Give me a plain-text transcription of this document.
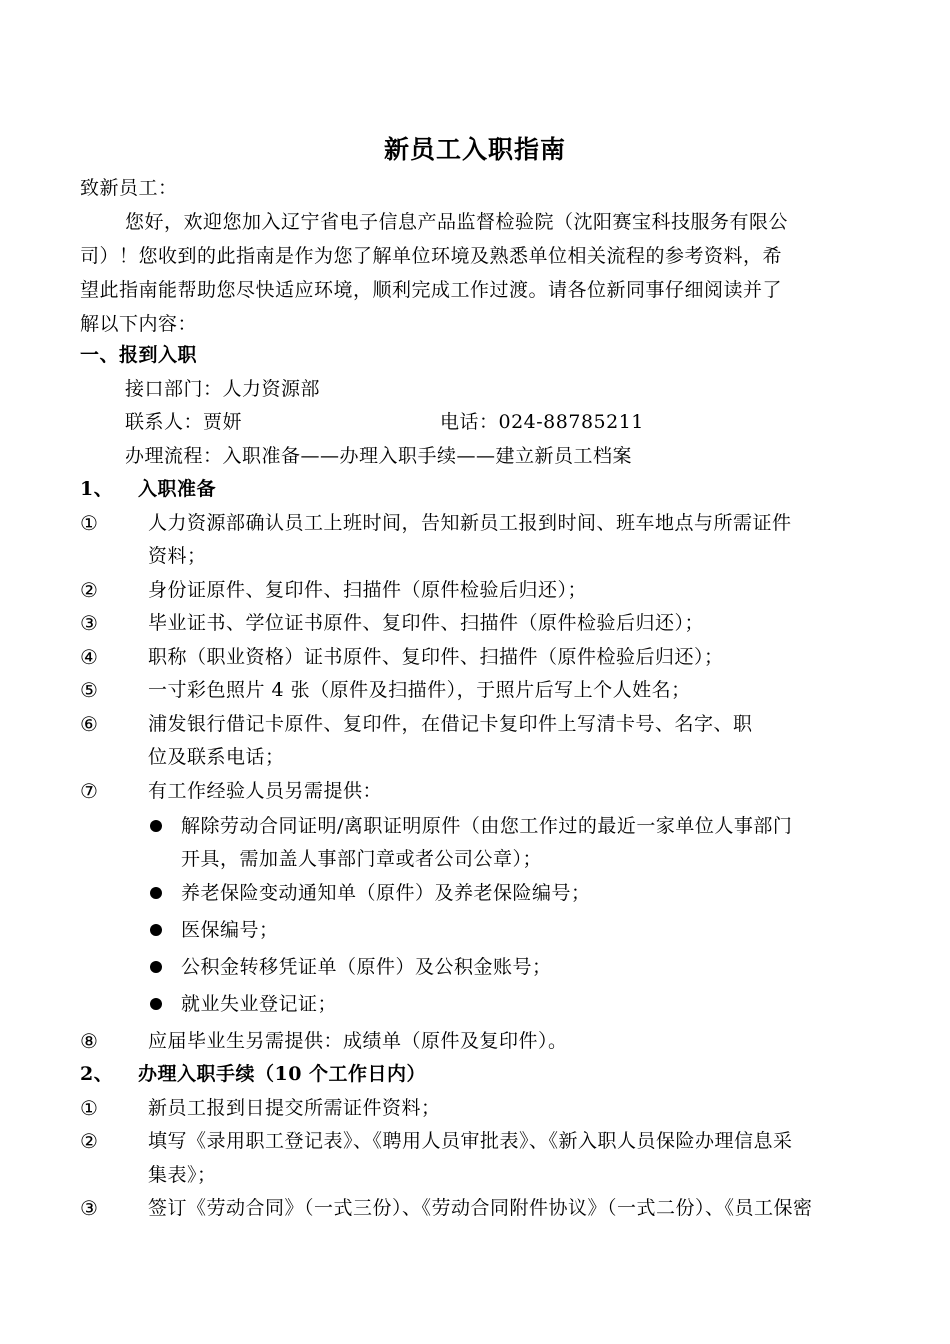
新员工入职指南
致新员工：
您好，欢迎您加入辽宁省电子信息产品监督检验院（沈阳赛宝科技服务有限公
司）！您收到的此指南是作为您了解单位环境及熟悉单位相关流程的参考资料，希
望此指南能帮助您尽快适应环境，顺利完成工作过渡。请各位新同事仔细阅读并了
解以下内容：
一、报到入职
接口部门：人力资源部
联系人：贾妍	电话：024-88785211
办理流程：入职准备——办理入职手续——建立新员工档案
1、 入职准备
①	人力资源部确认员工上班时间，告知新员工报到时间、班车地点与所需证件
资料；
②	身份证原件、复印件、扫描件（原件检验后归还）；
③	毕业证书、学位证书原件、复印件、扫描件（原件检验后归还）；
④	职称（职业资格）证书原件、复印件、扫描件（原件检验后归还）；
⑤	一寸彩色照片 4 张（原件及扫描件），于照片后写上个人姓名；
⑥	浦发银行借记卡原件、复印件，在借记卡复印件上写清卡号、名字、职
位及联系电话；
⑦	有工作经验人员另需提供：
解除劳动合同证明/离职证明原件（由您工作过的最近一家单位人事部门
开具，需加盖人事部门章或者公司公章）；
养老保险变动通知单（原件）及养老保险编号；
医保编号；
公积金转移凭证单（原件）及公积金账号；
就业失业登记证；
⑧	应届毕业生另需提供：成绩单（原件及复印件）。
2、 办理入职手续（10 个工作日内）
①	新员工报到日提交所需证件资料；
②	填写《录用职工登记表》、《聘用人员审批表》、《新入职人员保险办理信息采
集表》；
③	签订《劳动合同》（一式三份）、《劳动合同附件协议》（一式二份）、《员工保密
